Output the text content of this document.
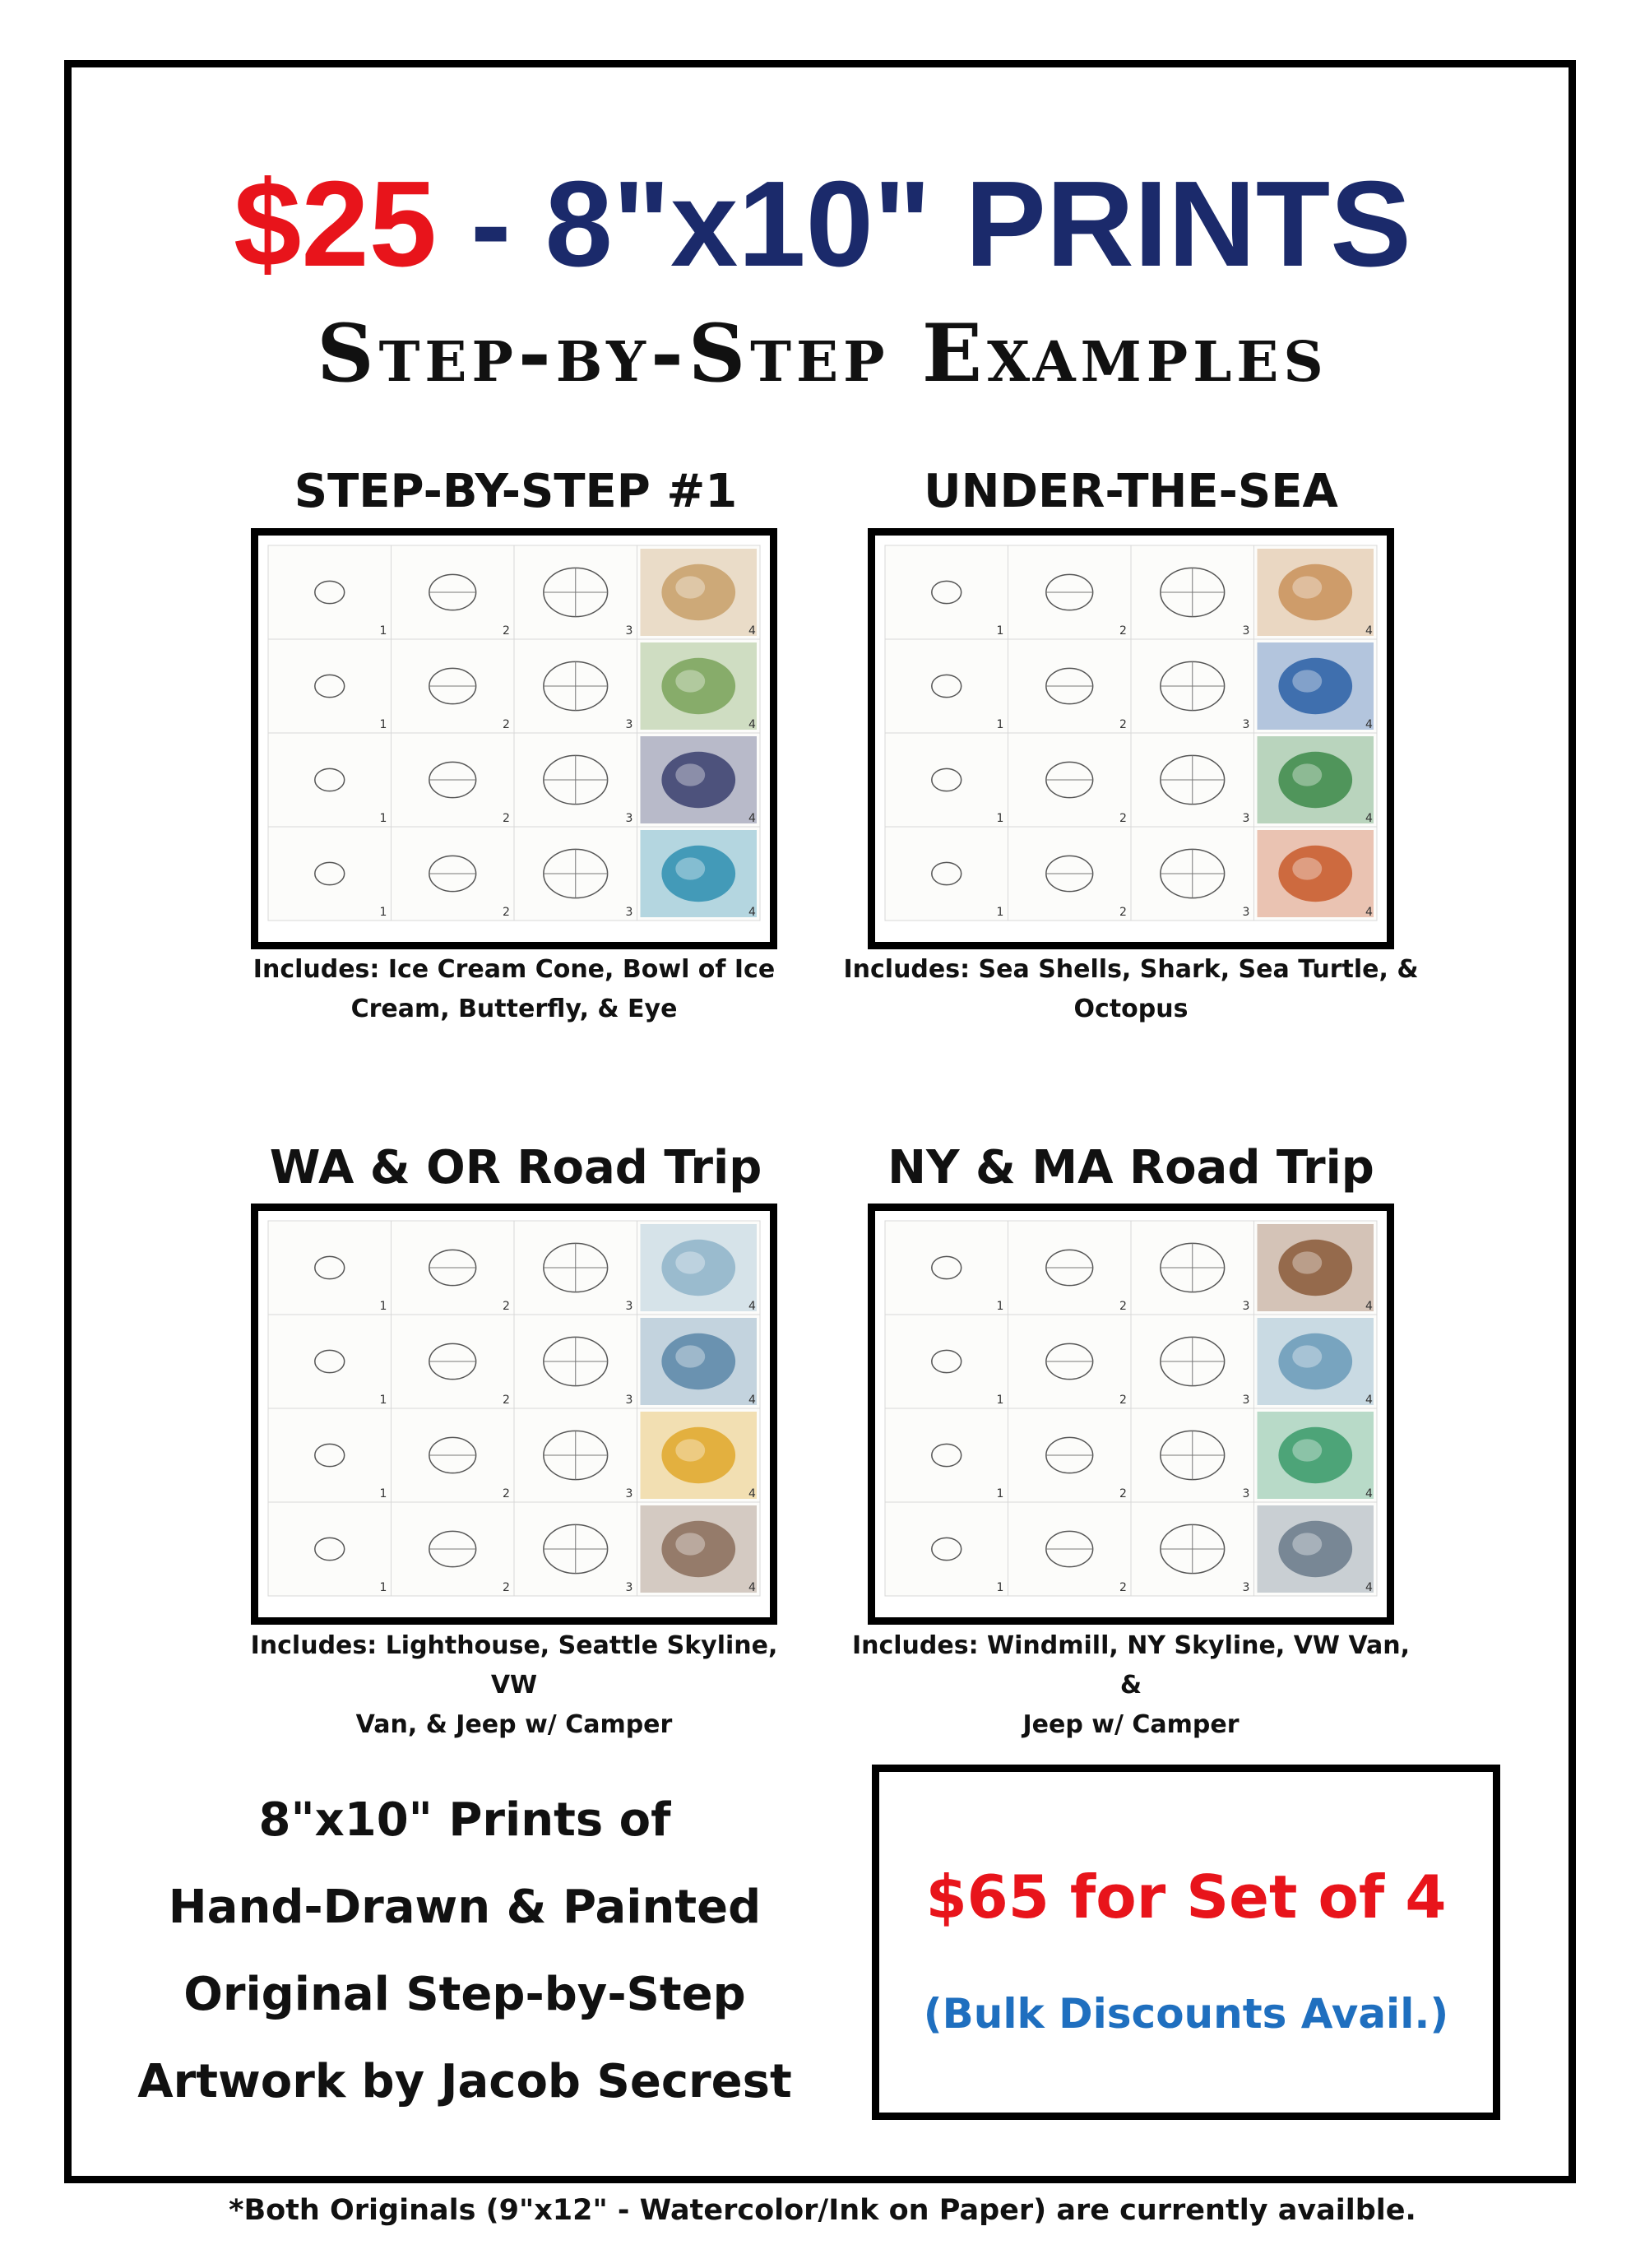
$25 - 8"x10" PRINTS
Step-by-Step Examples
STEP-BY-STEP #1
1	2	3	4
1	2	3	4
1	2	3	4
1	2	3	4
Includes: Ice Cream Cone, Bowl of Ice
Cream, Butterfly, & Eye
UNDER-THE-SEA
1	2	3	4
1	2	3	4
1	2	3	4
1	2	3	4
Includes: Sea Shells, Shark, Sea Turtle, &
Octopus
WA & OR Road Trip
1	2	3	4
1	2	3	4
1	2	3	4
1	2	3	4
Includes: Lighthouse, Seattle Skyline, VW
Van, & Jeep w/ Camper
NY & MA Road Trip
1	2	3	4
1	2	3	4
1	2	3	4
1	2	3	4
Includes: Windmill, NY Skyline, VW Van, &
Jeep w/ Camper
8"x10" Prints of
Hand-Drawn & Painted
Original Step-by-Step
Artwork by Jacob Secrest
$65 for Set of 4
(Bulk Discounts Avail.)
*Both Originals (9"x12" - Watercolor/Ink on Paper) are currently availble.
